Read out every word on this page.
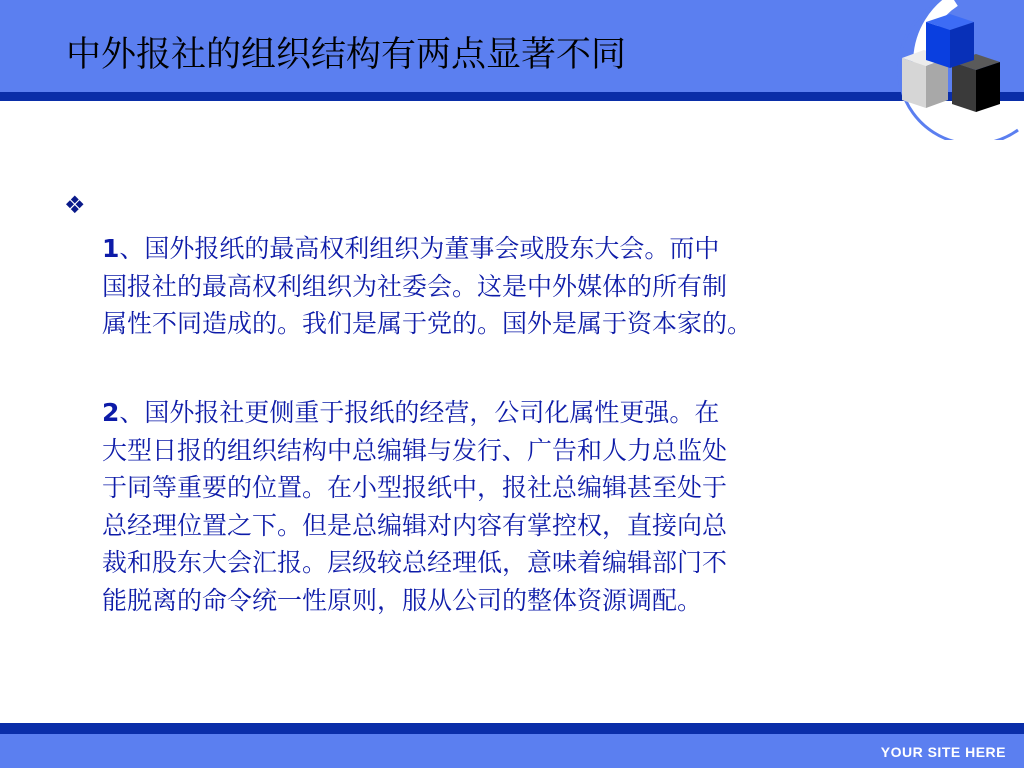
中外报社的组织结构有两点显著不同
❖
1、国外报纸的最高权利组织为董事会或股东大会。而中
国报社的最高权利组织为社委会。这是中外媒体的所有制
属性不同造成的。我们是属于党的。国外是属于资本家的。
2、国外报社更侧重于报纸的经营，公司化属性更强。在
大型日报的组织结构中总编辑与发行、广告和人力总监处
于同等重要的位置。在小型报纸中，报社总编辑甚至处于
总经理位置之下。但是总编辑对内容有掌控权，直接向总
裁和股东大会汇报。层级较总经理低，意味着编辑部门不
能脱离的命令统一性原则，服从公司的整体资源调配。
YOUR SITE HERE
